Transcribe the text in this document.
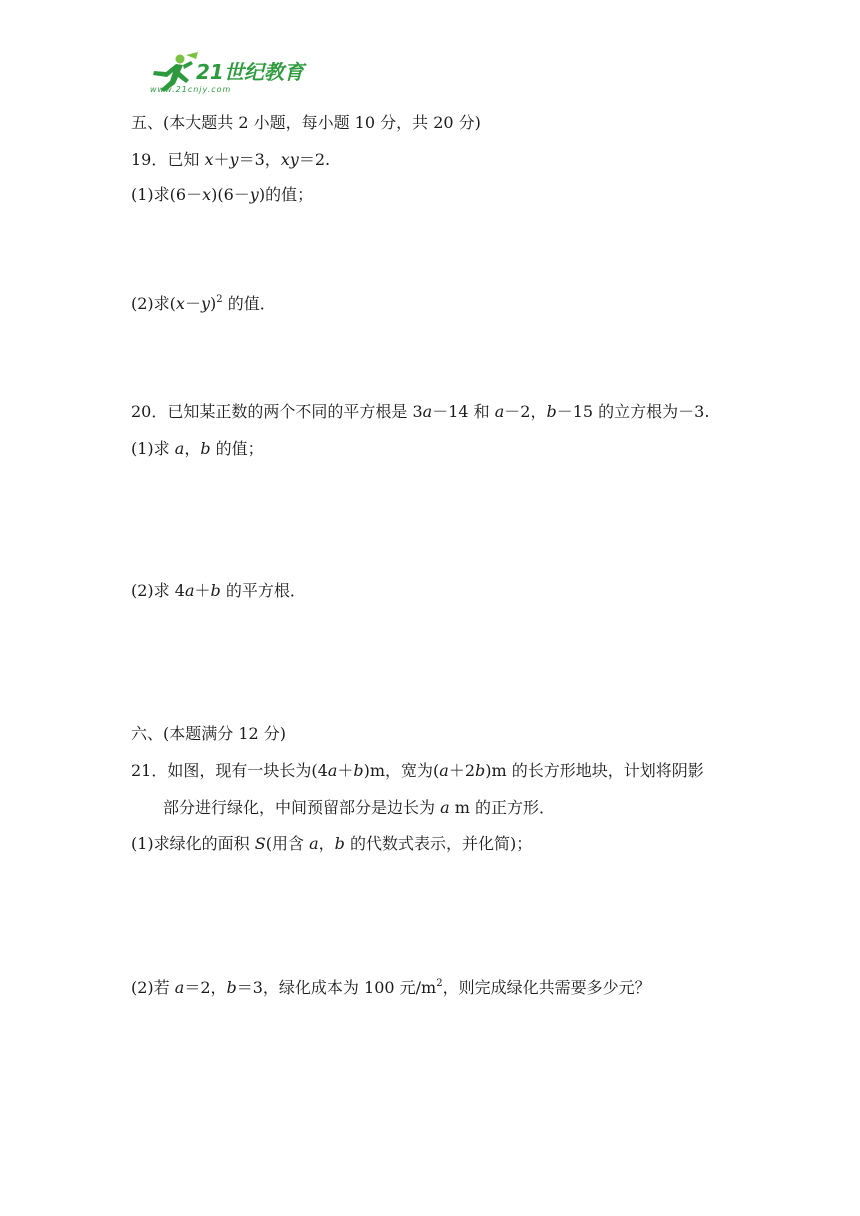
21世纪教育
www.21cnjy.com
五、(本大题共 2 小题，每小题 10 分，共 20 分)
19．已知 x＋y＝3，xy＝2.
(1)求(6－x)(6－y)的值；
(2)求$(x-y)^2$ 的值．
20．已知某正数的两个不同的平方根是 3a－14 和 a－2，b－15 的立方根为－3.
(1)求 a，b 的值；
(2)求 4a＋b 的平方根．
六、(本题满分 12 分)
21．如图，现有一块长为(4a＋b)m，宽为(a＋2b)m 的长方形地块，计划将阴影
部分进行绿化，中间预留部分是边长为 a m 的正方形．
(1)求绿化的面积 S(用含 a，b 的代数式表示，并化简)；
(2)若 a＝2，b＝3，绿化成本为 100 元$/m^2$，则完成绿化共需要多少元？
